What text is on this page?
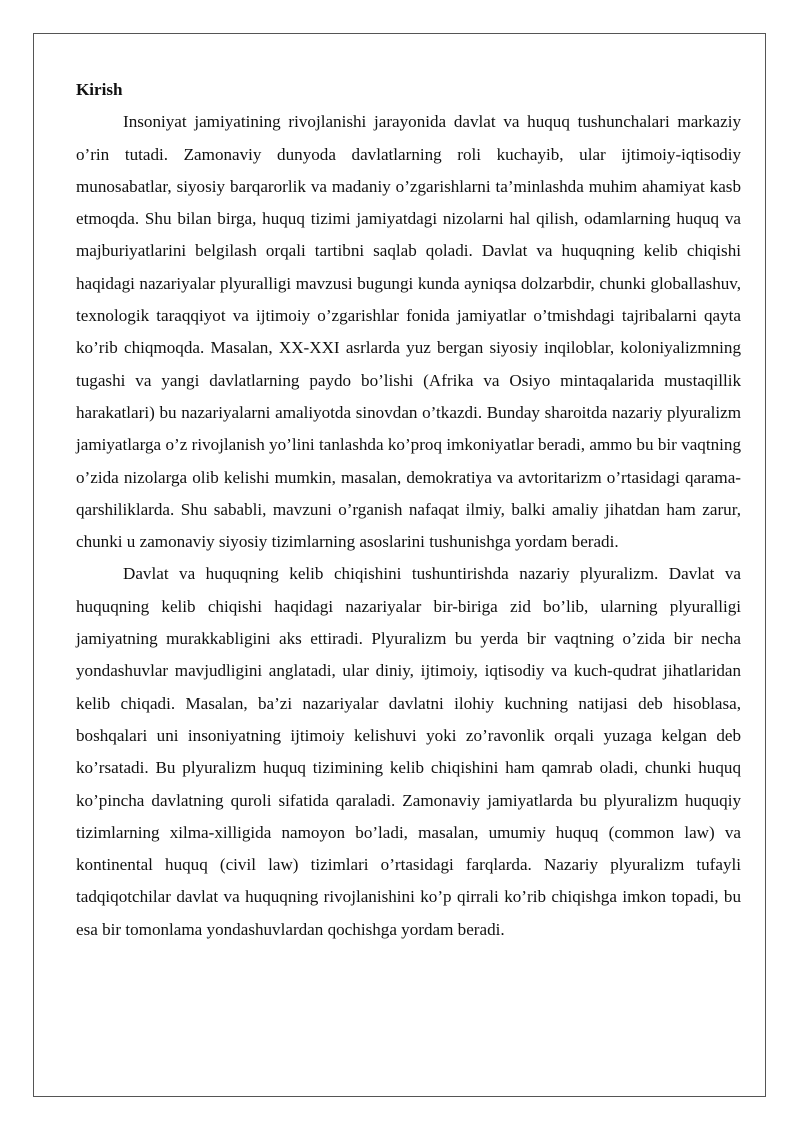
Kirish

Insoniyat jamiyatining rivojlanishi jarayonida davlat va huquq tushunchalari markaziy o’rin tutadi. Zamonaviy dunyoda davlatlarning roli kuchayib, ular ijtimoiy-iqtisodiy munosabatlar, siyosiy barqarorlik va madaniy o’zgarishlarni ta’minlashda muhim ahamiyat kasb etmoqda. Shu bilan birga, huquq tizimi jamiyatdagi nizolarni hal qilish, odamlarning huquq va majburiyatlarini belgilash orqali tartibni saqlab qoladi. Davlat va huquqning kelib chiqishi haqidagi nazariyalar plyuralligi mavzusi bugungi kunda ayniqsa dolzarbdir, chunki globallashuv, texnologik taraqqiyot va ijtimoiy o’zgarishlar fonida jamiyatlar o’tmishdagi tajribalarni qayta ko’rib chiqmoqda. Masalan, XX-XXI asrlarda yuz bergan siyosiy inqiloblar, koloniyalizmning tugashi va yangi davlatlarning paydo bo’lishi (Afrika va Osiyo mintaqalarida mustaqillik harakatlari) bu nazariyalarni amaliyotda sinovdan o’tkazdi. Bunday sharoitda nazariy plyuralizm jamiyatlarga o’z rivojlanish yo’lini tanlashda ko’proq imkoniyatlar beradi, ammo bu bir vaqtning o’zida nizolarga olib kelishi mumkin, masalan, demokratiya va avtoritarizm o’rtasidagi qarama-qarshiliklarda. Shu sababli, mavzuni o’rganish nafaqat ilmiy, balki amaliy jihatdan ham zarur, chunki u zamonaviy siyosiy tizimlarning asoslarini tushunishga yordam beradi.

Davlat va huquqning kelib chiqishini tushuntirishda nazariy plyuralizm. Davlat va huquqning kelib chiqishi haqidagi nazariyalar bir-biriga zid bo’lib, ularning plyuralligi jamiyatning murakkabligini aks ettiradi. Plyuralizm bu yerda bir vaqtning o’zida bir necha yondashuvlar mavjudligini anglatadi, ular diniy, ijtimoiy, iqtisodiy va kuch-qudrat jihatlaridan kelib chiqadi. Masalan, ba’zi nazariyalar davlatni ilohiy kuchning natijasi deb hisoblasa, boshqalari uni insoniyatning ijtimoiy kelishuvi yoki zo’ravonlik orqali yuzaga kelgan deb ko’rsatadi. Bu plyuralizm huquq tizimining kelib chiqishini ham qamrab oladi, chunki huquq ko’pincha davlatning quroli sifatida qaraladi. Zamonaviy jamiyatlarda bu plyuralizm huquqiy tizimlarning xilma-xilligida namoyon bo’ladi, masalan, umumiy huquq (common law) va kontinental huquq (civil law) tizimlari o’rtasidagi farqlarda. Nazariy plyuralizm tufayli tadqiqotchilar davlat va huquqning rivojlanishini ko’p qirrali ko’rib chiqishga imkon topadi, bu esa bir tomonlama yondashuvlardan qochishga yordam beradi.
